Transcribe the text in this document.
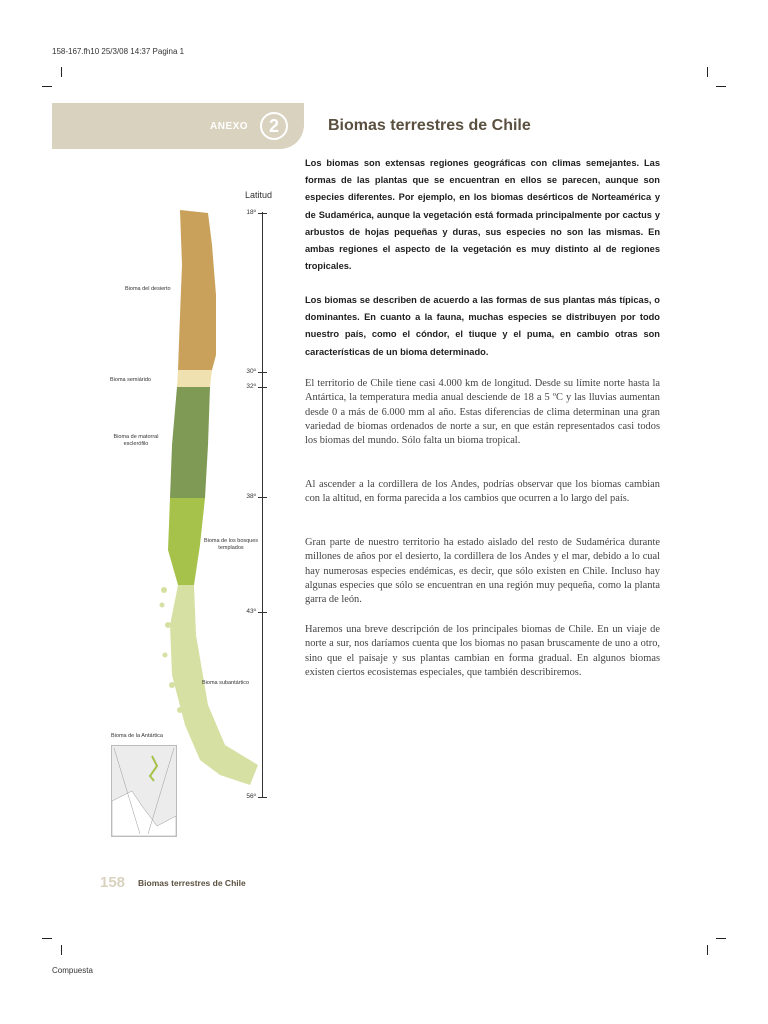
158-167.fh10 25/3/08 14:37 Pagina 1
Compuesta
ANEXO	2	Biomas terrestres de Chile
Los biomas son extensas regiones geográficas con climas semejantes. Las formas de las plantas que se encuentran en ellos se parecen, aunque son especies diferentes. Por ejemplo, en los biomas desérticos de Norteamérica y de Sudamérica, aunque la vegetación está formada principalmente por cactus y arbustos de hojas pequeñas y duras, sus especies no son las mismas. En ambas regiones el aspecto de la vegetación es muy distinto al de regiones tropicales.
Los biomas se describen de acuerdo a las formas de sus plantas más típicas, o dominantes. En cuanto a la fauna, muchas especies se distribuyen por todo nuestro país, como el cóndor, el tiuque y el puma, en cambio otras son características de un bioma determinado.
El territorio de Chile tiene casi 4.000 km de longitud. Desde su límite norte hasta la Antártica, la temperatura media anual desciende de 18 a 5 ºC y las lluvias aumentan desde 0 a más de 6.000 mm al año. Estas diferencias de clima determinan una gran variedad de biomas ordenados de norte a sur, en que están representados casi todos los biomas del mundo. Sólo falta un bioma tropical.
Al ascender a la cordillera de los Andes, podrías observar que los biomas cambian con la altitud, en forma parecida a los cambios que ocurren a lo largo del país.
Gran parte de nuestro territorio ha estado aislado del resto de Sudamérica durante millones de años por el desierto, la cordillera de los Andes y el mar, debido a lo cual hay numerosas especies endémicas, es decir, que sólo existen en Chile. Incluso hay algunas especies que sólo se encuentran en una región muy pequeña, como la planta garra de león.
Haremos una breve descripción de los principales biomas de Chile. En un viaje de norte a sur, nos daríamos cuenta que los biomas no pasan bruscamente de uno a otro, sino que el paisaje y sus plantas cambian en forma gradual. En algunos biomas existen ciertos ecosistemas especiales, que también describiremos.
Latitud
18º
30º
32º
38º
43º
56º
Bioma del desierto
Bioma semiárido
Bioma de matorral esclerófilo
Bioma de los bosques templados
Bioma subantártico
Bioma de la Antártica
158 Biomas terrestres de Chile
